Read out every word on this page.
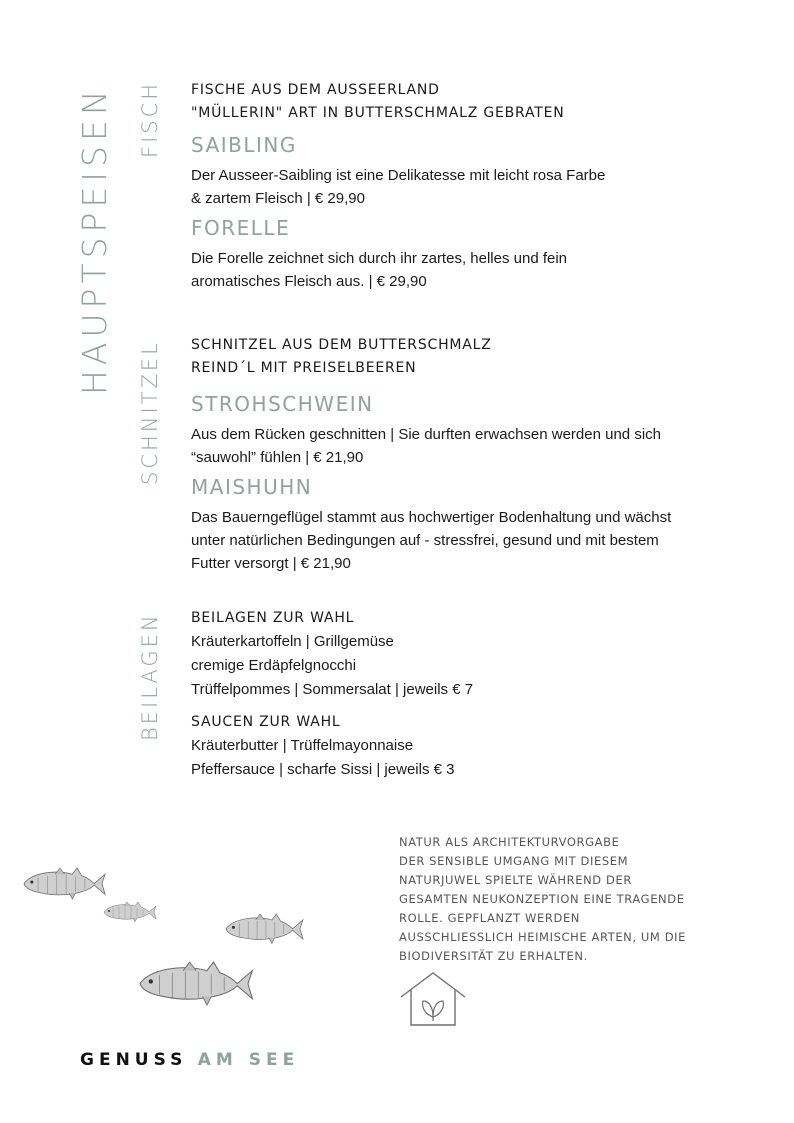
HAUPTSPEISEN FISCH
SCHNITZEL
BEILAGEN

FISCHE AUS DEM AUSSEERLAND

"MÜLLERIN" ART IN BUTTERSCHMALZ GEBRATEN

SAIBLING

Der Ausseer-Saibling ist eine Delikatesse mit leicht rosa Farbe

& zartem Fleisch | € 29,90

FORELLE

Die Forelle zeichnet sich durch ihr zartes, helles und fein

aromatisches Fleisch aus. | € 29,90

SCHNITZEL AUS DEM BUTTERSCHMALZ

REIND´L MIT PREISELBEEREN

STROHSCHWEIN

Aus dem Rücken geschnitten | Sie durften erwachsen werden und sich

“sauwohl” fühlen | € 21,90

MAISHUHN

Das Bauerngeflügel stammt aus hochwertiger Bodenhaltung und wächst

unter natürlichen Bedingungen auf - stressfrei, gesund und mit bestem

Futter versorgt | € 21,90

BEILAGEN ZUR WAHL

Kräuterkartoffeln | Grillgemüse

cremige Erdäpfelgnocchi

Trüffelpommes | Sommersalat | jeweils € 7

SAUCEN ZUR WAHL

Kräuterbutter | Trüffelmayonnaise

Pfeffersauce | scharfe Sissi | jeweils € 3

NATUR ALS ARCHITEKTURVORGABE
DER SENSIBLE UMGANG MIT DIESEM
NATURJUWEL SPIELTE WÄHREND DER
GESAMTEN NEUKONZEPTION EINE TRAGENDE
ROLLE. GEPFLANZT WERDEN
AUSSCHLIESSLICH HEIMISCHE ARTEN, UM DIE
BIODIVERSITÄT ZU ERHALTEN.
GENUSS AM SEE
